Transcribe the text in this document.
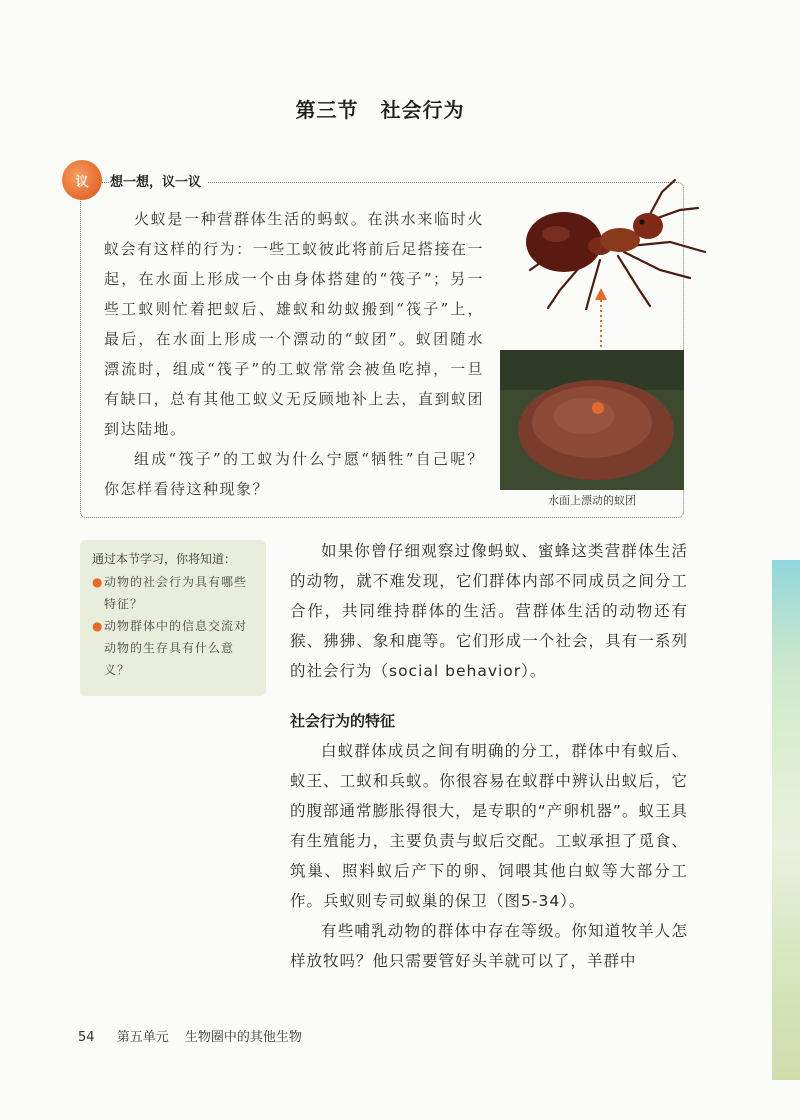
第三节 社会行为
议 想一想，议一议

火蚁是一种营群体生活的蚂蚁。在洪水来临时火蚁会有这样的行为：一些工蚁彼此将前后足搭接在一起，在水面上形成一个由身体搭建的“筏子”；另一些工蚁则忙着把蚁后、雄蚁和幼蚁搬到“筏子”上，最后，在水面上形成一个漂动的“蚁团”。蚁团随水漂流时，组成“筏子”的工蚁常常会被鱼吃掉，一旦有缺口，总有其他工蚁义无反顾地补上去，直到蚁团到达陆地。

组成“筏子”的工蚁为什么宁愿“牺牲”自己呢？你怎样看待这种现象？

水面上漂动的蚁团
通过本节学习，你将知道：
● 动物的社会行为具有哪些特征？
● 动物群体中的信息交流对动物的生存具有什么意义？

如果你曾仔细观察过像蚂蚁、蜜蜂这类营群体生活的动物，就不难发现，它们群体内部不同成员之间分工合作，共同维持群体的生活。营群体生活的动物还有猴、狒狒、象和鹿等。它们形成一个社会，具有一系列的社会行为（social behavior）。

社会行为的特征

白蚁群体成员之间有明确的分工，群体中有蚁后、蚁王、工蚁和兵蚁。你很容易在蚁群中辨认出蚁后，它的腹部通常膨胀得很大，是专职的“产卵机器”。蚁王具有生殖能力，主要负责与蚁后交配。工蚁承担了觅食、筑巢、照料蚁后产下的卵、饲喂其他白蚁等大部分工作。兵蚁则专司蚁巢的保卫（图5-34）。

有些哺乳动物的群体中存在等级。你知道牧羊人怎样放牧吗？他只需要管好头羊就可以了，羊群中

54 第五单元 生物圈中的其他生物
